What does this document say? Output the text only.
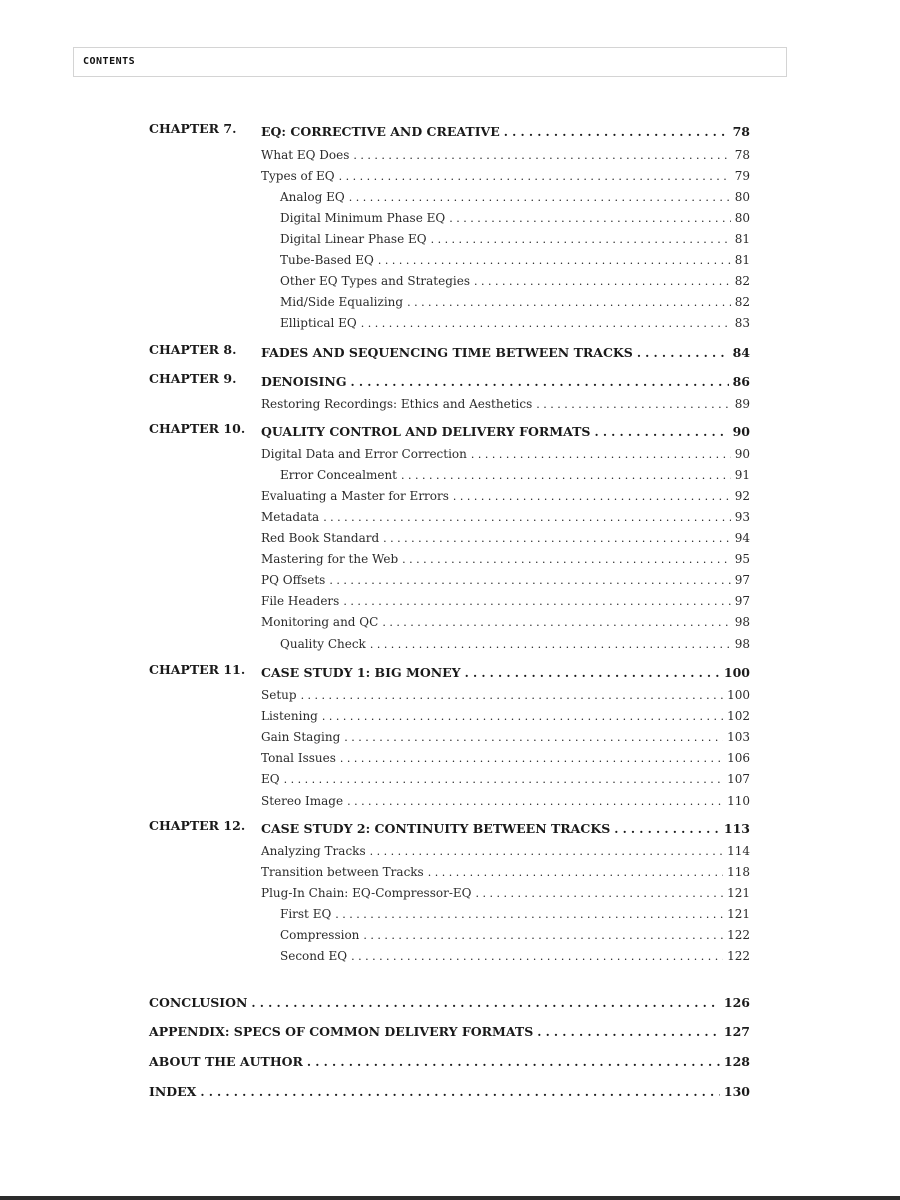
CONTENTS
CHAPTER 7. EQ: CORRECTIVE AND CREATIVE . . .	78
What EQ Does . . .	78
Types of EQ . . .	79
Analog EQ . . .	80
Digital Minimum Phase EQ . . .	80
Digital Linear Phase EQ . . .	81
Tube-Based EQ . . .	81
Other EQ Types and Strategies . . .	82
Mid/Side Equalizing . . .	82
Elliptical EQ . . .	83
CHAPTER 8. FADES AND SEQUENCING TIME BETWEEN TRACKS . . .	84
CHAPTER 9. DENOISING . . .	86
Restoring Recordings: Ethics and Aesthetics . . .	89
CHAPTER 10. QUALITY CONTROL AND DELIVERY FORMATS . . .	90
Digital Data and Error Correction . . .	90
Error Concealment . . .	91
Evaluating a Master for Errors . . .	92
Metadata . . .	93
Red Book Standard . . .	94
Mastering for the Web . . .	95
PQ Offsets . . .	97
File Headers . . .	97
Monitoring and QC . . .	98
Quality Check . . .	98
CHAPTER 11. CASE STUDY 1: BIG MONEY . . .	100
Setup . . .	100
Listening . . .	102
Gain Staging . . .	103
Tonal Issues . . .	106
EQ . . .	107
Stereo Image . . .	110
CHAPTER 12. CASE STUDY 2: CONTINUITY BETWEEN TRACKS . . .	113
Analyzing Tracks . . .	114
Transition between Tracks . . .	118
Plug-In Chain: EQ-Compressor-EQ . . .	121
First EQ . . .	121
Compression . . .	122
Second EQ . . .	122
CONCLUSION . . .	126
APPENDIX: SPECS OF COMMON DELIVERY FORMATS . . .	127
ABOUT THE AUTHOR . . .	128
INDEX . . .	130
